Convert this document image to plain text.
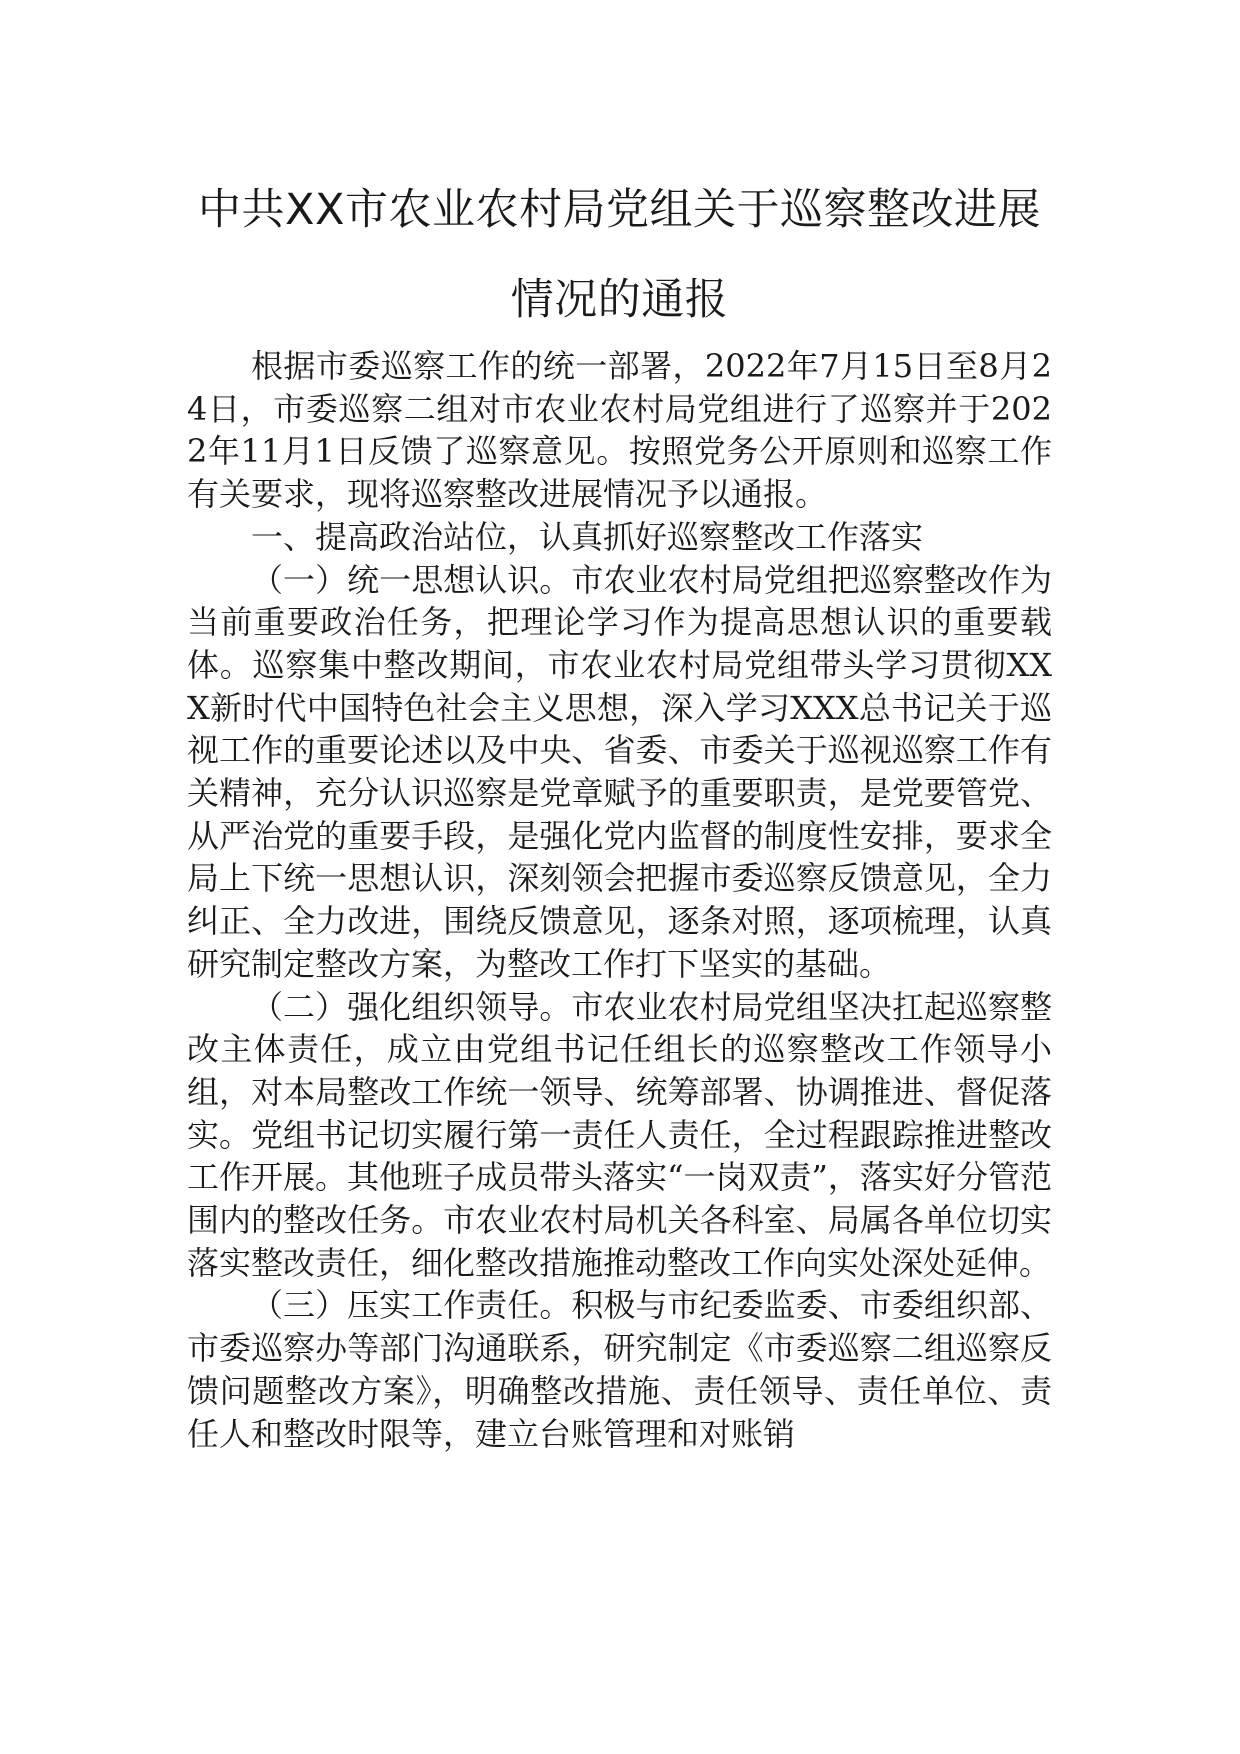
中共XX市农业农村局党组关于巡察整改进展情况的通报

根据市委巡察工作的统一部署，2022年7月15日至8月24日，市委巡察二组对市农业农村局党组进行了巡察并于2022年11月1日反馈了巡察意见。按照党务公开原则和巡察工作有关要求，现将巡察整改进展情况予以通报。

一、提高政治站位，认真抓好巡察整改工作落实

（一）统一思想认识。市农业农村局党组把巡察整改作为当前重要政治任务，把理论学习作为提高思想认识的重要载体。巡察集中整改期间，市农业农村局党组带头学习贯彻XXX新时代中国特色社会主义思想，深入学习XXX总书记关于巡视工作的重要论述以及中央、省委、市委关于巡视巡察工作有关精神，充分认识巡察是党章赋予的重要职责，是党要管党、从严治党的重要手段，是强化党内监督的制度性安排，要求全局上下统一思想认识，深刻领会把握市委巡察反馈意见，全力纠正、全力改进，围绕反馈意见，逐条对照，逐项梳理，认真研究制定整改方案，为整改工作打下坚实的基础。

（二）强化组织领导。市农业农村局党组坚决扛起巡察整改主体责任，成立由党组书记任组长的巡察整改工作领导小组，对本局整改工作统一领导、统筹部署、协调推进、督促落实。党组书记切实履行第一责任人责任，全过程跟踪推进整改工作开展。其他班子成员带头落实“一岗双责”，落实好分管范围内的整改任务。市农业农村局机关各科室、局属各单位切实落实整改责任，细化整改措施推动整改工作向实处深处延伸。

（三）压实工作责任。积极与市纪委监委、市委组织部、市委巡察办等部门沟通联系，研究制定《市委巡察二组巡察反馈问题整改方案》，明确整改措施、责任领导、责任单位、责任人和整改时限等，建立台账管理和对账销
